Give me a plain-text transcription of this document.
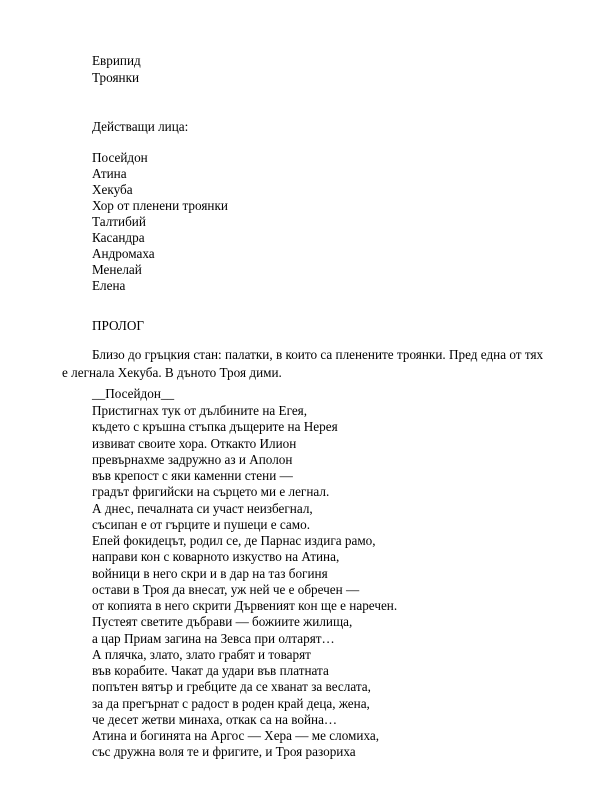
Еврипид
Троянки
Действащи лица:
Посейдон
Атина
Хекуба
Хор от пленени троянки
Талтибий
Касандра
Андромаха
Менелай
Елена
ПРОЛОГ
Близо до гръцкия стан: палатки, в които са пленените троянки. Пред една от тях е легнала Хекуба. В дъното Троя дими.
__Посейдон__
Пристигнах тук от дълбините на Егея,
където с кръшна стъпка дъщерите на Нерея
извиват своите хора. Откакто Илион
превърнахме задружно аз и Аполон
във крепост с яки каменни стени —
градът фригийски на сърцето ми е легнал.
А днес, печалната си участ неизбегнал,
съсипан е от гърците и пушеци е само.
Епей фокидецът, родил се, де Парнас издига рамо,
направи кон с коварното изкуство на Атина,
войници в него скри и в дар на таз богиня
остави в Троя да внесат, уж ней че е обречен —
от копията в него скрити Дървеният кон ще е наречен.
Пустеят светите дъбрави — божиите жилища,
а цар Приам загина на Зевса при олтарят…
А плячка, злато, злато грабят и товарят
във корабите. Чакат да удари във платната
попътен вятър и гребците да се хванат за веслата,
за да прегърнат с радост в роден край деца, жена,
че десет жетви минаха, откак са на война…
Атина и богинята на Аргос — Хера — ме сломиха,
със дружна воля те и фригите, и Троя разориха
